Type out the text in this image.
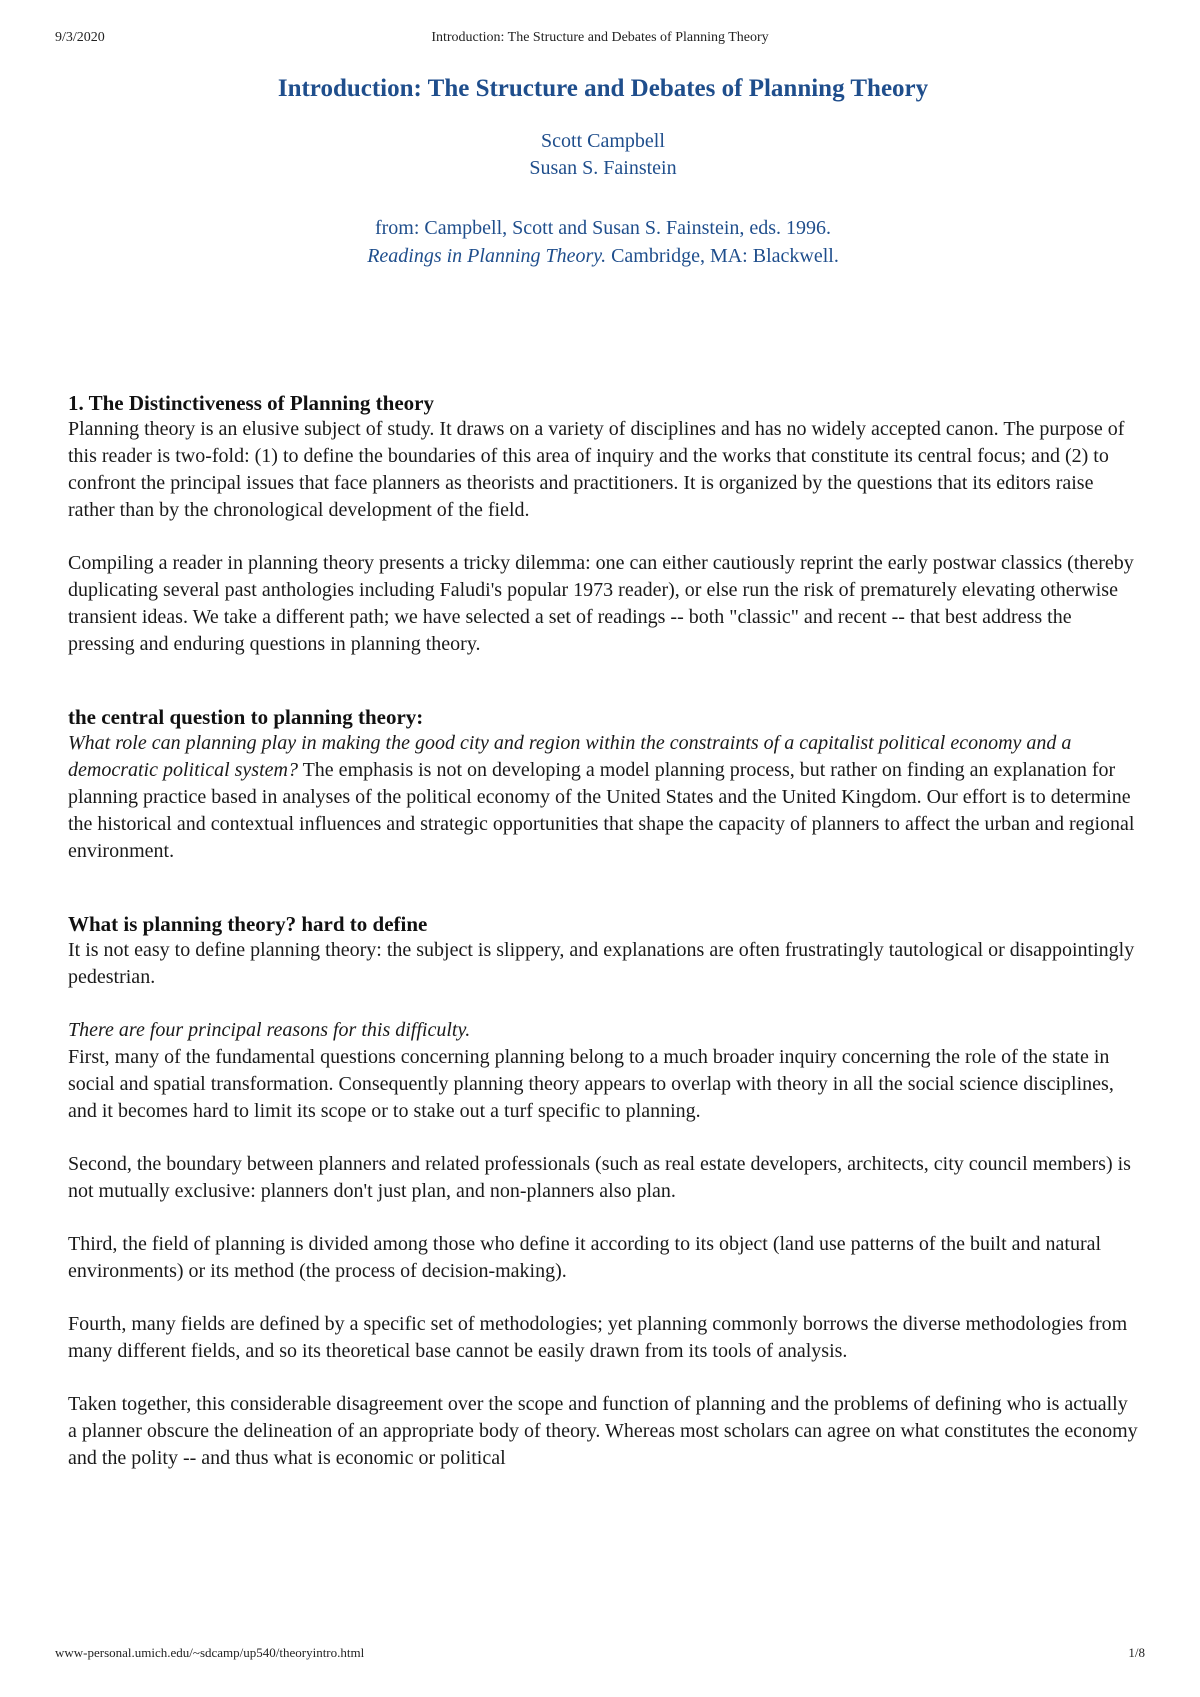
9/3/2020	Introduction: The Structure and Debates of Planning Theory
Introduction: The Structure and Debates of Planning Theory
Scott Campbell
Susan S. Fainstein
from: Campbell, Scott and Susan S. Fainstein, eds. 1996.
Readings in Planning Theory. Cambridge, MA: Blackwell.
1. The Distinctiveness of Planning theory

Planning theory is an elusive subject of study. It draws on a variety of disciplines and has no widely accepted canon. The purpose of this reader is two-fold: (1) to define the boundaries of this area of inquiry and the works that constitute its central focus; and (2) to confront the principal issues that face planners as theorists and practitioners. It is organized by the questions that its editors raise rather than by the chronological development of the field.

Compiling a reader in planning theory presents a tricky dilemma: one can either cautiously reprint the early postwar classics (thereby duplicating several past anthologies including Faludi's popular 1973 reader), or else run the risk of prematurely elevating otherwise transient ideas. We take a different path; we have selected a set of readings -- both "classic" and recent -- that best address the pressing and enduring questions in planning theory.

the central question to planning theory:

What role can planning play in making the good city and region within the constraints of a capitalist political economy and a democratic political system? The emphasis is not on developing a model planning process, but rather on finding an explanation for planning practice based in analyses of the political economy of the United States and the United Kingdom. Our effort is to determine the historical and contextual influences and strategic opportunities that shape the capacity of planners to affect the urban and regional environment.

What is planning theory? hard to define

It is not easy to define planning theory: the subject is slippery, and explanations are often frustratingly tautological or disappointingly pedestrian.

There are four principal reasons for this difficulty.

First, many of the fundamental questions concerning planning belong to a much broader inquiry concerning the role of the state in social and spatial transformation. Consequently planning theory appears to overlap with theory in all the social science disciplines, and it becomes hard to limit its scope or to stake out a turf specific to planning.

Second, the boundary between planners and related professionals (such as real estate developers, architects, city council members) is not mutually exclusive: planners don't just plan, and non-planners also plan.

Third, the field of planning is divided among those who define it according to its object (land use patterns of the built and natural environments) or its method (the process of decision-making).

Fourth, many fields are defined by a specific set of methodologies; yet planning commonly borrows the diverse methodologies from many different fields, and so its theoretical base cannot be easily drawn from its tools of analysis.

Taken together, this considerable disagreement over the scope and function of planning and the problems of defining who is actually a planner obscure the delineation of an appropriate body of theory. Whereas most scholars can agree on what constitutes the economy and the polity -- and thus what is economic or political

www-personal.umich.edu/~sdcamp/up540/theoryintro.html	1/8
